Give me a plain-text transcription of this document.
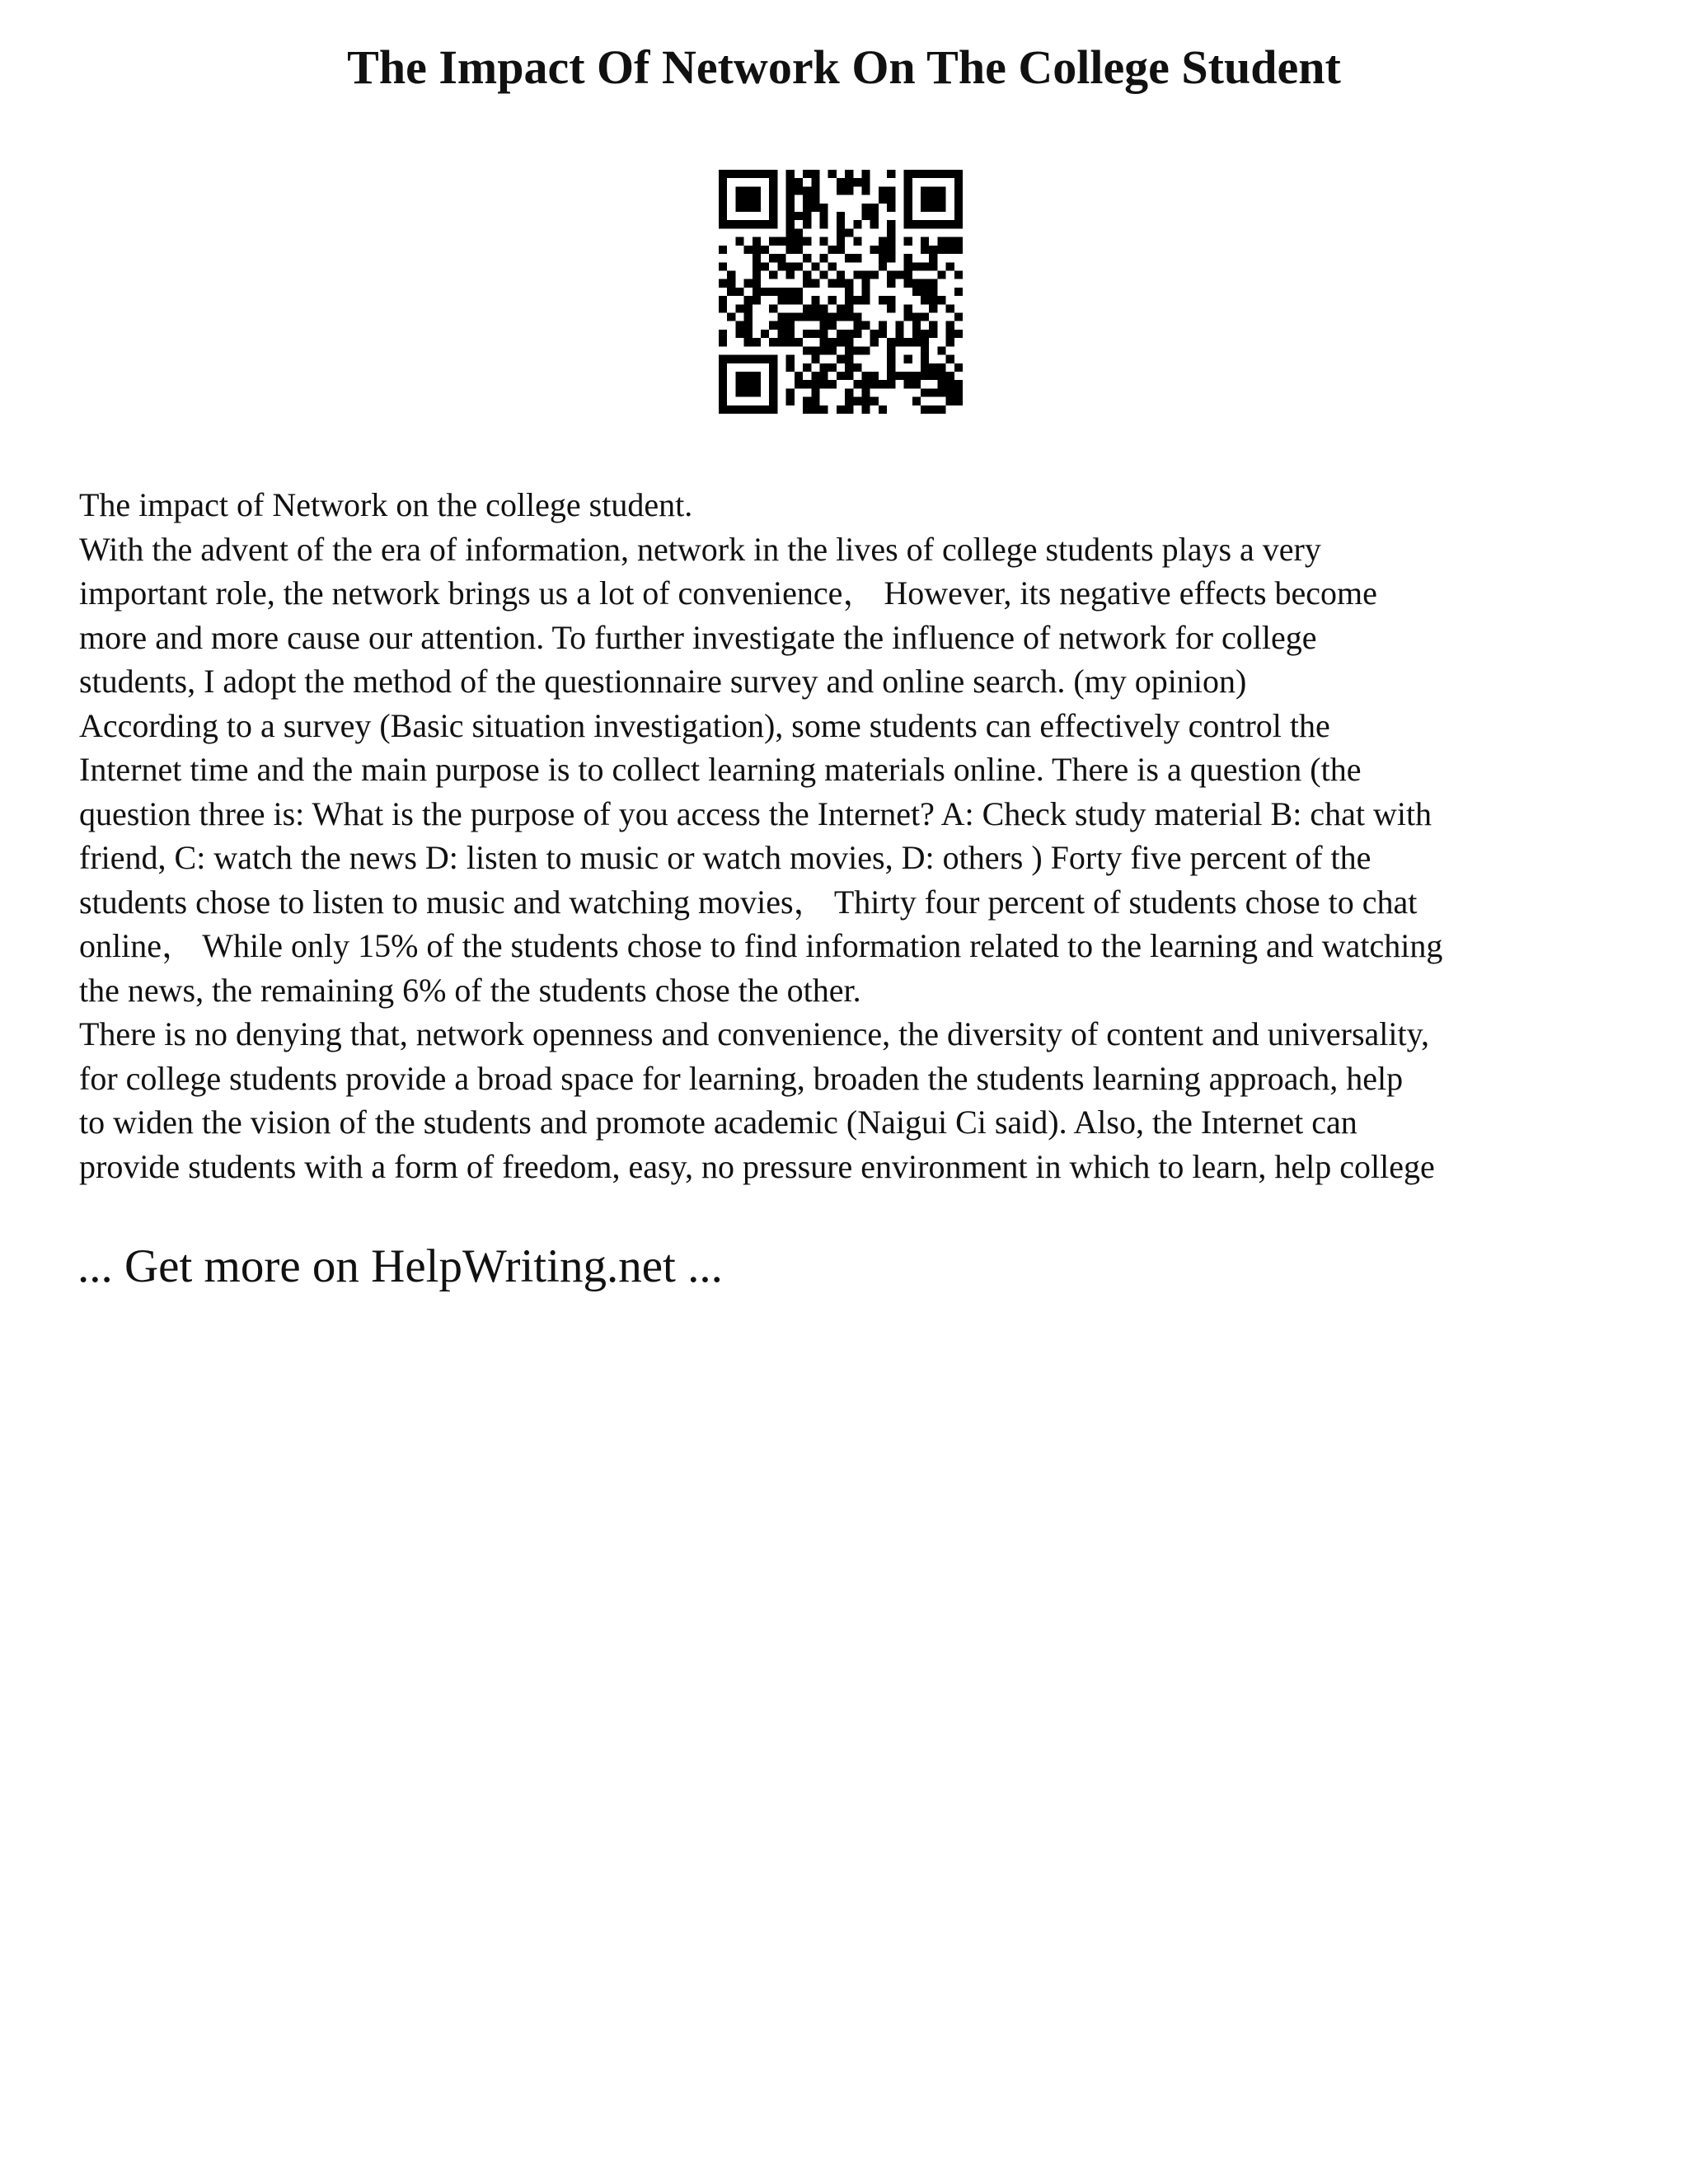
The Impact Of Network On The College Student

The impact of Network on the college student.

With the advent of the era of information, network in the lives of college students plays a very
important role, the network brings us a lot of convenience， However, its negative effects become
more and more cause our attention. To further investigate the influence of network for college
students, I adopt the method of the questionnaire survey and online search. (my opinion)

According to a survey (Basic situation investigation), some students can effectively control the
Internet time and the main purpose is to collect learning materials online. There is a question (the
question three is: What is the purpose of you access the Internet? A: Check study material B: chat with
friend, C: watch the news D: listen to music or watch movies, D: others ) Forty five percent of the
students chose to listen to music and watching movies， Thirty four percent of students chose to chat
online， While only 15% of the students chose to find information related to the learning and watching
the news, the remaining 6% of the students chose the other.

There is no denying that, network openness and convenience, the diversity of content and universality,
for college students provide a broad space for learning, broaden the students learning approach, help
to widen the vision of the students and promote academic (Naigui Ci said). Also, the Internet can
provide students with a form of freedom, easy, no pressure environment in which to learn, help college

... Get more on HelpWriting.net ...
